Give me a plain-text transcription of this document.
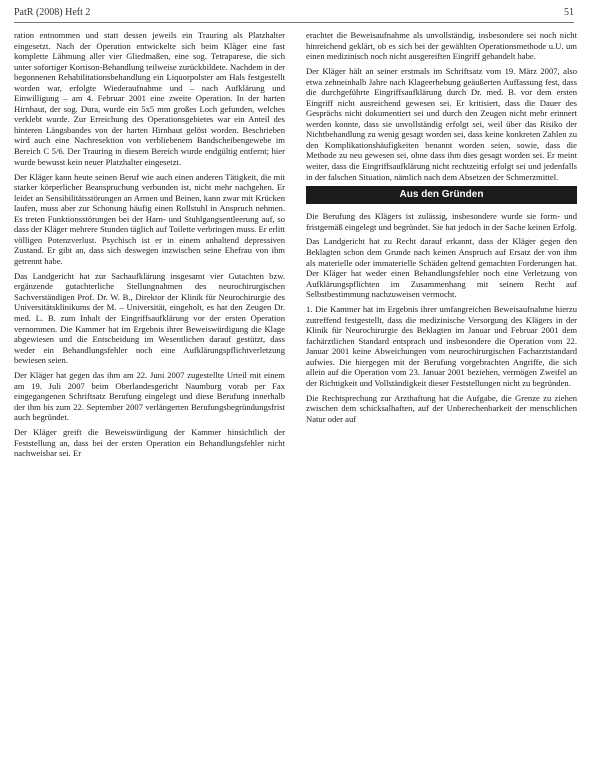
PatR (2008) Heft 2	51

ration entnommen und statt dessen jeweils ein Trauring als Platzhalter eingesetzt. Nach der Operation entwickelte sich beim Kläger eine fast komplette Lähmung aller vier Gliedmaßen, eine sog. Tetraparese, die sich unter sofortiger Kortison-Behandlung teilweise zurückbildete. Nachdem in der begonnenen Rehabilitationsbehandlung ein Liquorpolster am Hals festgestellt worden war, erfolgte Wiederaufnahme und – nach Aufklärung und Einwilligung – am 4. Februar 2001 eine zweite Operation. In der harten Hirnhaut, der sog. Dura, wurde ein 5x5 mm großes Loch gefunden, welches verklebt wurde. Zur Erreichung des Operationsgebietes war ein Anteil des hinteren Längsbandes von der harten Hirnhaut gelöst worden. Beschrieben wird auch eine Nachresektion von verbliebenem Bandscheibengewebe im Bereich C 5/6. Der Trauring in diesem Bereich wurde endgültig entfernt; hier wurde bewusst kein neuer Platzhalter eingesetzt.

Der Kläger kann heute seinen Beruf wie auch einen anderen Tätigkeit, die mit starker körperlicher Beanspruchung verbunden ist, nicht mehr nachgehen. Er leidet an Sensibilitätsstörungen an Armen und Beinen, kann zwar mit Krücken laufen, muss aber zur Schonung häufig einen Rollstuhl in Anspruch nehmen. Es treten Funktionsstörungen bei der Harn- und Stuhlgangsentleerung auf, so dass der Kläger mehrere Stunden täglich auf Toilette verbringen muss. Er erlitt völligen Potenzverlust. Psychisch ist er in einem anhaltend depressiven Zustand. Er gibt an, dass sich deswegen inzwischen seine Ehefrau von ihm getrennt habe.

Das Landgericht hat zur Sachaufklärung insgesamt vier Gutachten bzw. ergänzende gutachterliche Stellungnahmen des neurochirurgischen Sachverständigen Prof. Dr. W. B., Direktor der Klinik für Neurochirurgie des Universitätsklinikums der M. – Universität, eingeholt, es hat den Zeugen Dr. med. L. B. zum Inhalt der Eingriffsaufklärung vor der ersten Operation vernommen. Die Kammer hat im Ergebnis ihrer Beweiswürdigung die Klage abgewiesen und die Entscheidung im Wesentlichen darauf gestützt, dass weder ein Behandlungsfehler noch eine Aufklärungspflichtverletzung bewiesen seien.

Der Kläger hat gegen das ihm am 22. Juni 2007 zugestellte Urteil mit einem am 19. Juli 2007 beim Oberlandesgericht Naumburg vorab per Fax eingegangenen Schriftsatz Berufung eingelegt und diese Berufung innerhalb der ihm bis zum 22. September 2007 verlängerten Berufungsbegründungsfrist auch begründet.

Der Kläger greift die Beweiswürdigung der Kammer hinsichtlich der Feststellung an, dass bei der ersten Operation ein Behandlungsfehler nicht nachweisbar sei. Er

erachtet die Beweisaufnahme als unvollständig, insbesondere sei noch nicht hinreichend geklärt, ob es sich bei der gewählten Operationsmethode u.U. um einen medizinisch noch nicht ausgereiften Eingriff gehandelt habe.

Der Kläger hält an seiner erstmals im Schriftsatz vom 19. März 2007, also etwa zehneinhalb Jahre nach Klageerhebung geäußerten Auffassung fest, dass die durchgeführte Eingriffsaufklärung durch Dr. med. B. vor dem ersten Eingriff nicht ausreichend gewesen sei. Er kritisiert, dass die Dauer des Gesprächs nicht dokumentiert sei und durch den Zeugen nicht mehr erinnert werden konnte, dass sie unvollständig erfolgt sei, weil über das Risiko der Nichtbehandlung zu wenig gesagt worden sei, dass keine konkreten Zahlen zu den Komplikationshäufigkeiten benannt worden seien, sowie, dass die Methode zu neu gewesen sei, ohne dass ihm dies gesagt worden sei. Er meint weiter, dass die Eingriffsaufklärung nicht rechtzeitig erfolgt sei und jedenfalls in der falschen Situation, nämlich nach dem Absetzen der Schmerzmittel.

Aus den Gründen

Die Berufung des Klägers ist zulässig, insbesondere wurde sie form- und fristgemäß eingelegt und begründet. Sie hat jedoch in der Sache keinen Erfolg.

Das Landgericht hat zu Recht darauf erkannt, dass der Kläger gegen den Beklagten schon dem Grunde nach keinen Anspruch auf Ersatz der von ihm als materielle oder immaterielle Schäden geltend gemachten Forderungen hat. Der Kläger hat weder einen Behandlungsfehler noch eine Verletzung von Aufklärungspflichten im Zusammenhang mit seinem Recht auf Selbstbestimmung nachzuweisen vermocht.

1. Die Kammer hat im Ergebnis ihrer umfangreichen Beweisaufnahme hierzu zutreffend festgestellt, dass die medizinische Versorgung des Klägers in der Klinik für Neurochirurgie des Beklagten im Januar und Februar 2001 dem fachärztlichen Standard entsprach und insbesondere die Operation vom 22. Januar 2001 keine Abweichungen vom neurochirurgischen Facharztstandard aufwies. Die hiergegen mit der Berufung vorgebrachten Angriffe, die sich allein auf die Operation vom 23. Januar 2001 beziehen, vermögen Zweifel an der Richtigkeit und Vollständigkeit dieser Feststellungen nicht zu begründen.

Die Rechtsprechung zur Arzthaftung hat die Aufgabe, die Grenze zu ziehen zwischen dem schicksalhaften, auf der Unberechenbarkeit der menschlichen Natur oder auf
